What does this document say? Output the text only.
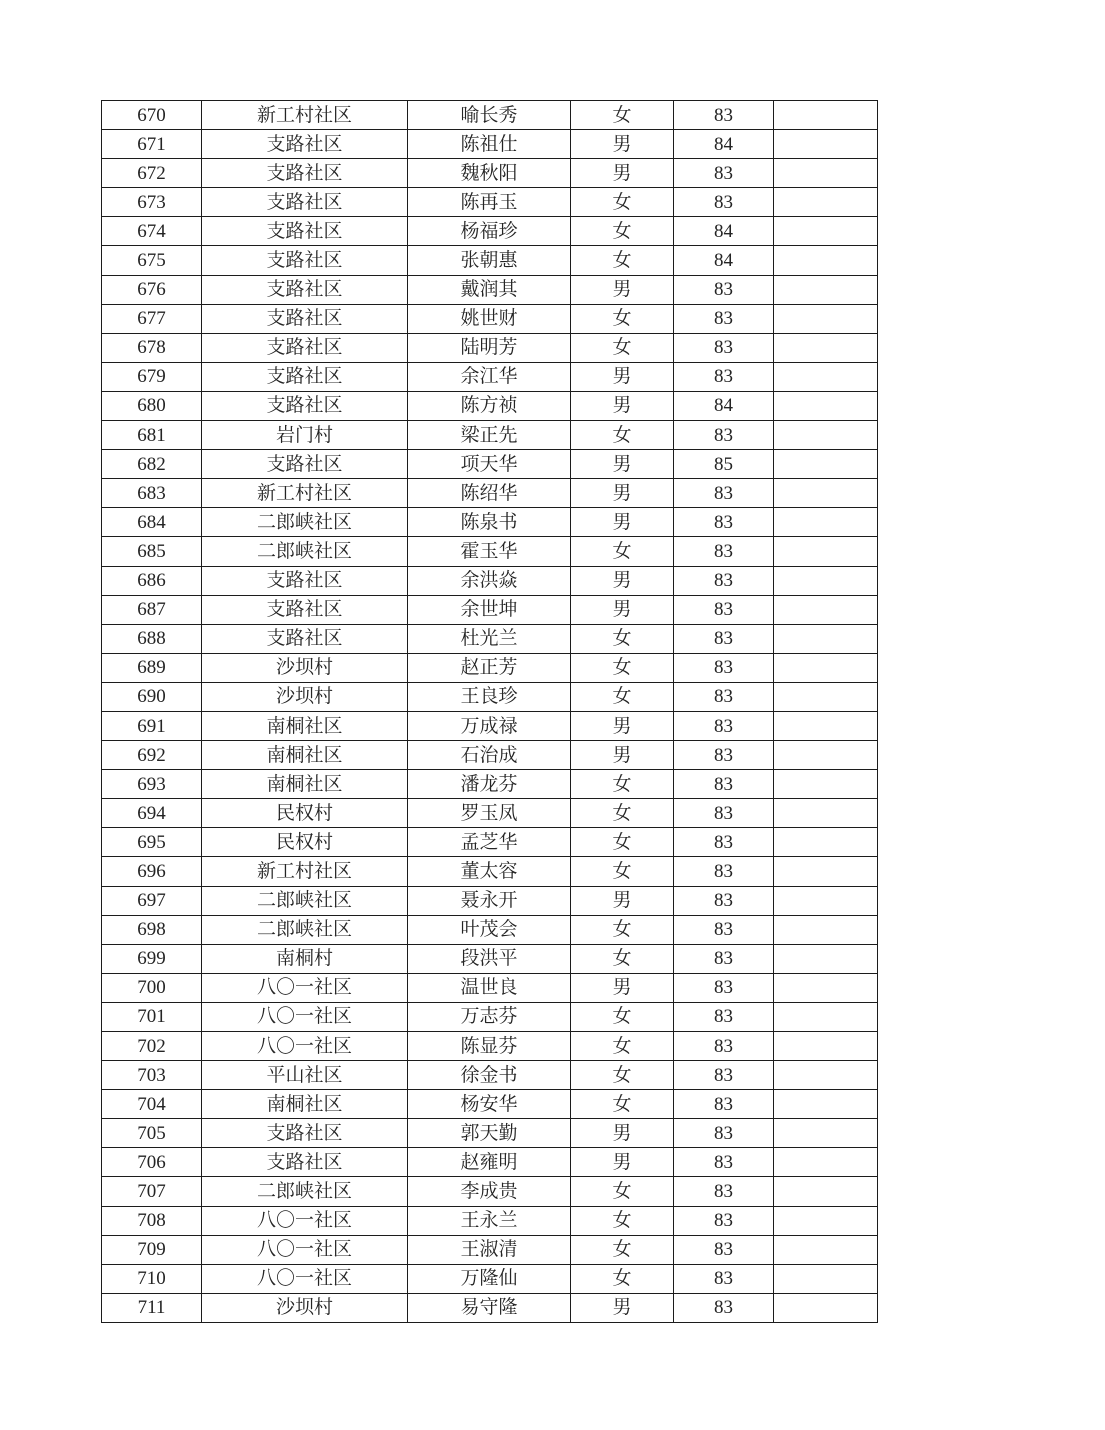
670	新工村社区	喻长秀	女	83	
671	支路社区	陈祖仕	男	84	
672	支路社区	魏秋阳	男	83	
673	支路社区	陈再玉	女	83	
674	支路社区	杨福珍	女	84	
675	支路社区	张朝惠	女	84	
676	支路社区	戴润其	男	83	
677	支路社区	姚世财	女	83	
678	支路社区	陆明芳	女	83	
679	支路社区	余江华	男	83	
680	支路社区	陈方祯	男	84	
681	岩门村	梁正先	女	83	
682	支路社区	项天华	男	85	
683	新工村社区	陈绍华	男	83	
684	二郎峡社区	陈泉书	男	83	
685	二郎峡社区	霍玉华	女	83	
686	支路社区	余洪焱	男	83	
687	支路社区	余世坤	男	83	
688	支路社区	杜光兰	女	83	
689	沙坝村	赵正芳	女	83	
690	沙坝村	王良珍	女	83	
691	南桐社区	万成禄	男	83	
692	南桐社区	石治成	男	83	
693	南桐社区	潘龙芬	女	83	
694	民权村	罗玉凤	女	83	
695	民权村	孟芝华	女	83	
696	新工村社区	董太容	女	83	
697	二郎峡社区	聂永开	男	83	
698	二郎峡社区	叶茂会	女	83	
699	南桐村	段洪平	女	83	
700	八〇一社区	温世良	男	83	
701	八〇一社区	万志芬	女	83	
702	八〇一社区	陈显芬	女	83	
703	平山社区	徐金书	女	83	
704	南桐社区	杨安华	女	83	
705	支路社区	郭天勤	男	83	
706	支路社区	赵雍明	男	83	
707	二郎峡社区	李成贵	女	83	
708	八〇一社区	王永兰	女	83	
709	八〇一社区	王淑清	女	83	
710	八〇一社区	万隆仙	女	83	
711	沙坝村	易守隆	男	83	
